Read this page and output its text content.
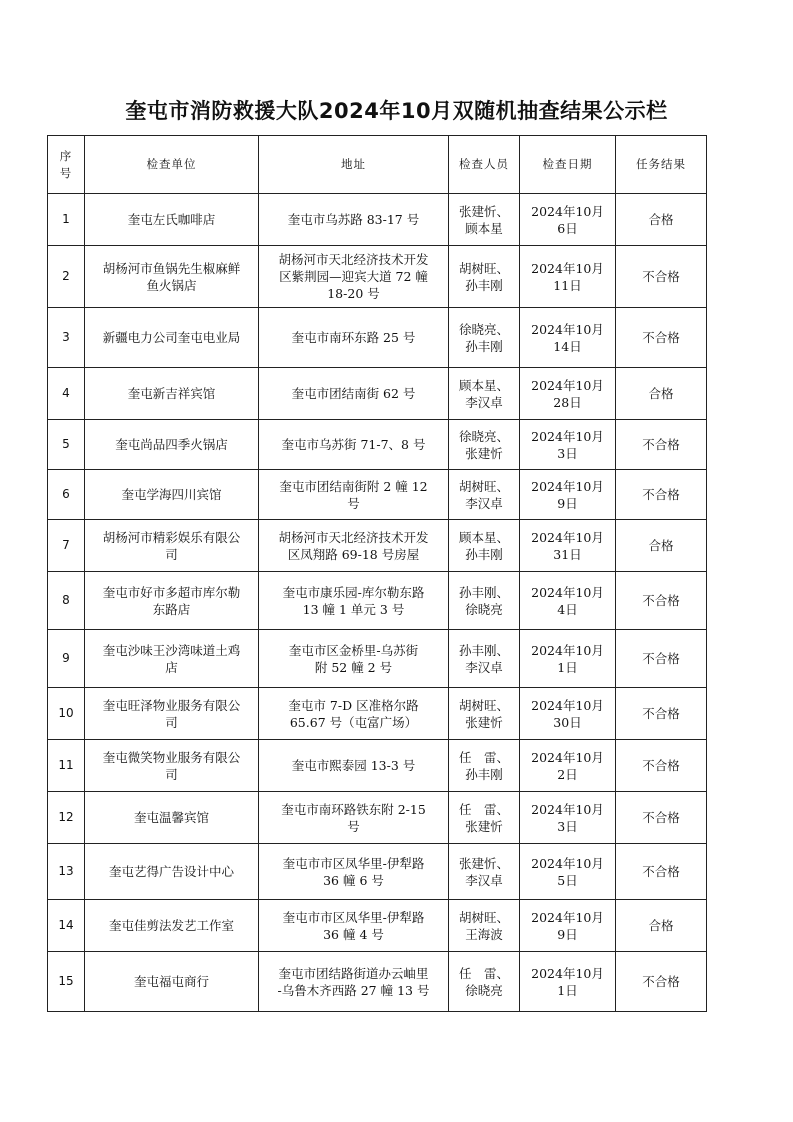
奎屯市消防救援大队2024年10月双随机抽查结果公示栏
序
号	检查单位	地址	检查人员	检查日期	任务结果

1	奎屯左氏咖啡店	奎屯市乌苏路 83-17 号	张建忻、
顾本星	2024年10月
6日	合格

2	胡杨河市鱼锅先生椒麻鲜
鱼火锅店	胡杨河市天北经济技术开发
区紫荆园—迎宾大道 72 幢
18-20 号	胡树旺、
孙丰刚	2024年10月
11日	不合格

3	新疆电力公司奎屯电业局	奎屯市南环东路 25 号	徐晓亮、
孙丰刚	2024年10月
14日	不合格

4	奎屯新吉祥宾馆	奎屯市团结南街 62 号	顾本星、
李汉卓	2024年10月
28日	合格

5	奎屯尚品四季火锅店	奎屯市乌苏街 71-7、8 号	徐晓亮、
张建忻	2024年10月
3日	不合格

6	奎屯学海四川宾馆	奎屯市团结南街附 2 幢 12
号	胡树旺、
李汉卓	2024年10月
9日	不合格

7	胡杨河市精彩娱乐有限公
司	胡杨河市天北经济技术开发
区凤翔路 69-18 号房屋	顾本星、
孙丰刚	2024年10月
31日	合格

8	奎屯市好市多超市库尔勒
东路店	奎屯市康乐园-库尔勒东路
13 幢 1 单元 3 号	孙丰刚、
徐晓亮	2024年10月
4日	不合格

9	奎屯沙味王沙湾味道土鸡
店	奎屯市区金桥里-乌苏街
附 52 幢 2 号	孙丰刚、
李汉卓	2024年10月
1日	不合格

10	奎屯旺泽物业服务有限公
司	奎屯市 7-D 区准格尔路
65.67 号（屯富广场）	胡树旺、
张建忻	2024年10月
30日	不合格

11	奎屯微笑物业服务有限公
司	奎屯市熙泰园 13-3 号	任　雷、
孙丰刚	2024年10月
2日	不合格

12	奎屯温馨宾馆	奎屯市南环路铁东附 2-15
号	任　雷、
张建忻	2024年10月
3日	不合格

13	奎屯艺得广告设计中心	奎屯市市区凤华里-伊犁路
36 幢 6 号	张建忻、
李汉卓	2024年10月
5日	不合格

14	奎屯佳剪法发艺工作室	奎屯市市区凤华里-伊犁路
36 幢 4 号	胡树旺、
王海波	2024年10月
9日	合格

15	奎屯福屯商行	奎屯市团结路街道办云岫里
-乌鲁木齐西路 27 幢 13 号	任　雷、
徐晓亮	2024年10月
1日	不合格
